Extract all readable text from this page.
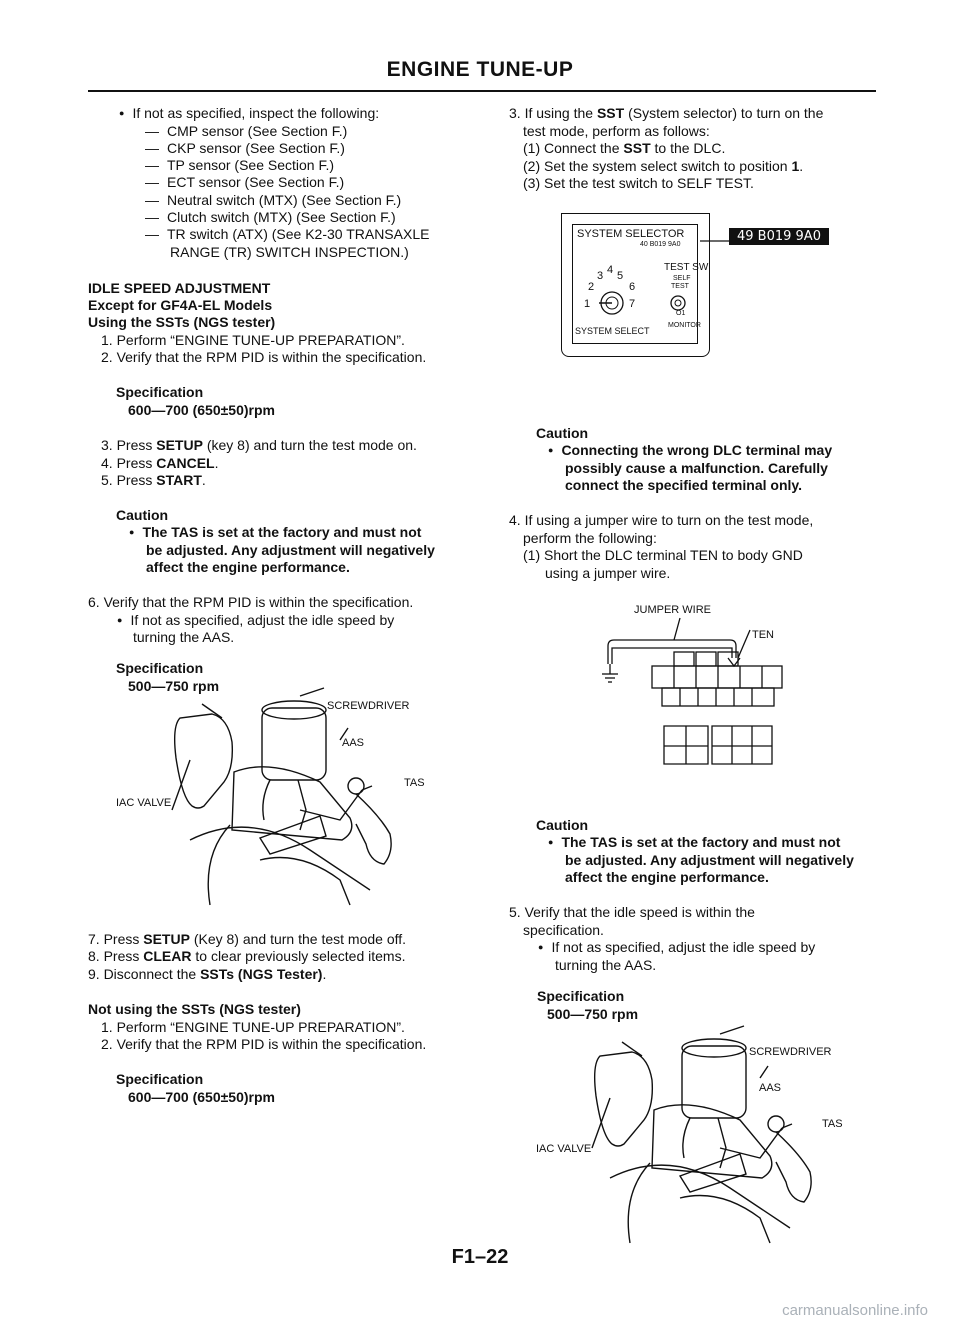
ENGINE TUNE-UP
● If not as specified, inspect the following:
— CMP sensor (See Section F.)
— CKP sensor (See Section F.)
— TP sensor (See Section F.)
— ECT sensor (See Section F.)
— Neutral switch (MTX) (See Section F.)
— Clutch switch (MTX) (See Section F.)
— TR switch (ATX) (See K2-30 TRANSAXLE
RANGE (TR) SWITCH INSPECTION.)
IDLE SPEED ADJUSTMENT
Except for GF4A-EL Models
Using the SSTs (NGS tester)
1. Perform “ENGINE TUNE-UP PREPARATION”.
2. Verify that the RPM PID is within the specification.
Specification
600—700 (650±50)rpm
3. Press SETUP (key 8) and turn the test mode on.
4. Press CANCEL.
5. Press START.
Caution
● The TAS is set at the factory and must not
be adjusted. Any adjustment will negatively
affect the engine performance.
6. Verify that the RPM PID is within the specification.
● If not as specified, adjust the idle speed by
turning the AAS.
Specification
500—750 rpm
SCREWDRIVER
AAS
TAS
IAC VALVE
7. Press SETUP (Key 8) and turn the test mode off.
8. Press CLEAR to clear previously selected items.
9. Disconnect the SSTs (NGS Tester).
Not using the SSTs (NGS tester)
1. Perform “ENGINE TUNE-UP PREPARATION”.
2. Verify that the RPM PID is within the specification.
Specification
600—700 (650±50)rpm
3. If using the SST (System selector) to turn on the
test mode, perform as follows:
(1) Connect the SST to the DLC.
(2) Set the system select switch to position 1.
(3) Set the test switch to SELF TEST.
SYSTEM SELECTOR
40 B019 9A0
49 B019 9A0
TEST SW
SELF
TEST
1
2
3 4 5
6
7
O1
SYSTEM SELECT
MONITOR
Caution
● Connecting the wrong DLC terminal may
possibly cause a malfunction. Carefully
connect the specified terminal only.
4. If using a jumper wire to turn on the test mode,
perform the following:
(1) Short the DLC terminal TEN to body GND
using a jumper wire.
JUMPER WIRE
TEN
Caution
● The TAS is set at the factory and must not
be adjusted. Any adjustment will negatively
affect the engine performance.
5. Verify that the idle speed is within the
specification.
● If not as specified, adjust the idle speed by
turning the AAS.
Specification
500—750 rpm
SCREWDRIVER
AAS
TAS
IAC VALVE
F1–22
carmanualsonline.info
